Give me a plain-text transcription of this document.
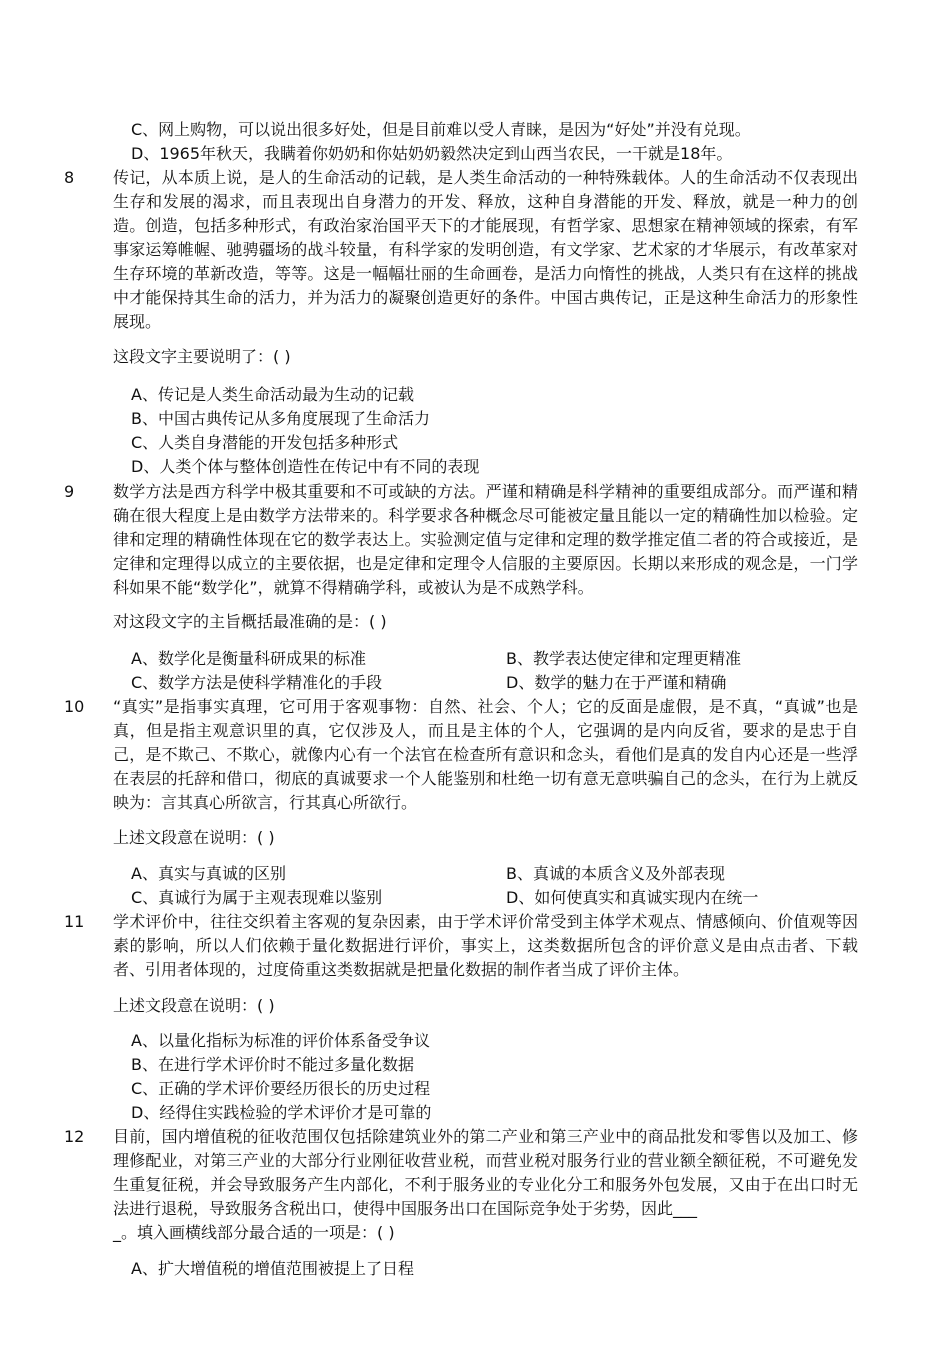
C、网上购物，可以说出很多好处，但是目前难以受人青睐，是因为“好处”并没有兑现。
D、1965年秋天，我瞒着你奶奶和你姑奶奶毅然决定到山西当农民，一干就是18年。
8 传记，从本质上说，是人的生命活动的记载，是人类生命活动的一种特殊载体。人的生命活动不仅表现出生存和发展的渴求，而且表现出自身潜力的开发、释放，这种自身潜能的开发、释放，就是一种力的创造。创造，包括多种形式，有政治家治国平天下的才能展现，有哲学家、思想家在精神领域的探索，有军事家运筹帷幄、驰骋疆场的战斗较量，有科学家的发明创造，有文学家、艺术家的才华展示，有改革家对生存环境的革新改造，等等。这是一幅幅壮丽的生命画卷，是活力向惰性的挑战，人类只有在这样的挑战中才能保持其生命的活力，并为活力的凝聚创造更好的条件。中国古典传记，正是这种生命活力的形象性展现。
这段文字主要说明了：( )
A、传记是人类生命活动最为生动的记载
B、中国古典传记从多角度展现了生命活力
C、人类自身潜能的开发包括多种形式
D、人类个体与整体创造性在传记中有不同的表现
9 数学方法是西方科学中极其重要和不可或缺的方法。严谨和精确是科学精神的重要组成部分。而严谨和精确在很大程度上是由数学方法带来的。科学要求各种概念尽可能被定量且能以一定的精确性加以检验。定律和定理的精确性体现在它的数学表达上。实验测定值与定律和定理的数学推定值二者的符合或接近，是定律和定理得以成立的主要依据，也是定律和定理令人信服的主要原因。长期以来形成的观念是，一门学科如果不能“数学化”，就算不得精确学科，或被认为是不成熟学科。
对这段文字的主旨概括最准确的是：( )
A、数学化是衡量科研成果的标准	B、教学表达使定律和定理更精准
C、数学方法是使科学精准化的手段	D、数学的魅力在于严谨和精确
10 “真实”是指事实真理，它可用于客观事物：自然、社会、个人；它的反面是虚假，是不真，“真诚”也是真，但是指主观意识里的真，它仅涉及人，而且是主体的个人，它强调的是内向反省，要求的是忠于自己，是不欺己、不欺心，就像内心有一个法官在检查所有意识和念头，看他们是真的发自内心还是一些浮在表层的托辞和借口，彻底的真诚要求一个人能鉴别和杜绝一切有意无意哄骗自己的念头，在行为上就反映为：言其真心所欲言，行其真心所欲行。
上述文段意在说明：( )
A、真实与真诚的区别	B、真诚的本质含义及外部表现
C、真诚行为属于主观表现难以鉴别	D、如何使真实和真诚实现内在统一
11 学术评价中，往往交织着主客观的复杂因素，由于学术评价常受到主体学术观点、情感倾向、价值观等因素的影响，所以人们依赖于量化数据进行评价，事实上，这类数据所包含的评价意义是由点击者、下载者、引用者体现的，过度倚重这类数据就是把量化数据的制作者当成了评价主体。
上述文段意在说明：( )
A、以量化指标为标准的评价体系备受争议
B、在进行学术评价时不能过多量化数据
C、正确的学术评价要经历很长的历史过程
D、经得住实践检验的学术评价才是可靠的
12 目前，国内增值税的征收范围仅包括除建筑业外的第二产业和第三产业中的商品批发和零售以及加工、修理修配业，对第三产业的大部分行业刚征收营业税，而营业税对服务行业的营业额全额征税，不可避免发生重复征税，并会导致服务产生内部化，不利于服务业的专业化分工和服务外包发展，又由于在出口时无法进行退税，导致服务含税出口，使得中国服务出口在国际竞争处于劣势，因此___
_。填入画横线部分最合适的一项是：( )
A、扩大增值税的增值范围被提上了日程
